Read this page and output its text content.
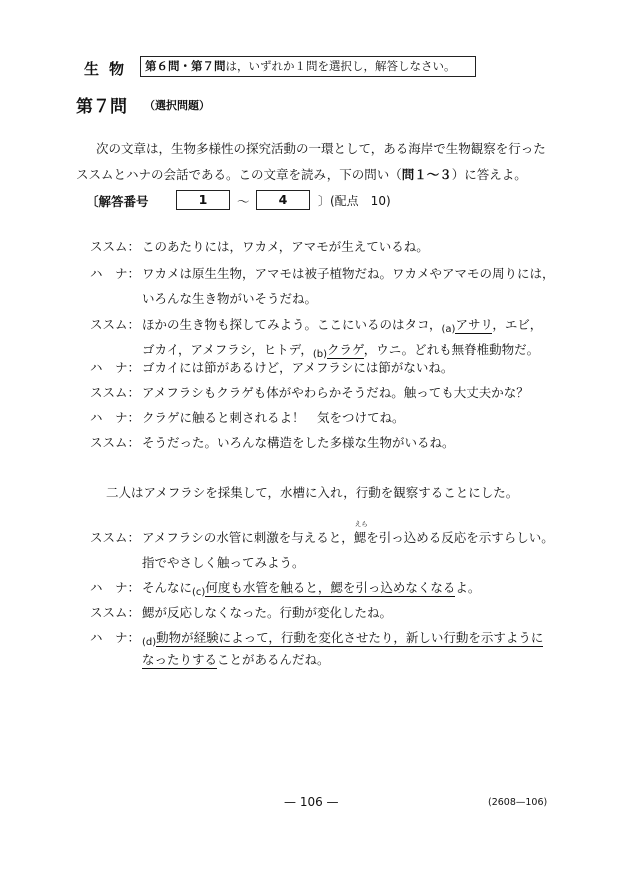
生 物	第６問・第７問は，いずれか１問を選択し，解答しなさい。
第７問 （選択問題）
次の文章は，生物多様性の探究活動の一環として，ある海岸で生物観察を行った
ススムとハナの会話である。この文章を読み，下の問い（問１～３）に答えよ。
〔解答番号	1	～	4	〕(配点　10)
ススム： このあたりには，ワカメ，アマモが生えているね。
ハ　ナ： ワカメは原生生物，アマモは被子植物だね。ワカメやアマモの周りには，
いろんな生き物がいそうだね。
ススム： ほかの生き物も探してみよう。ここにいるのはタコ，$_{(a)}$アサリ，エビ，
ゴカイ，アメフラシ，ヒトデ，$_{(b)}$クラゲ，ウニ。どれも無脊椎動物だ。
ハ　ナ： ゴカイには節があるけど，アメフラシには節がないね。
ススム： アメフラシもクラゲも体がやわらかそうだね。触っても大丈夫かな？
ハ　ナ： クラゲに触ると刺されるよ！　気をつけてね。
ススム： そうだった。いろんな構造をした多様な生物がいるね。
二人はアメフラシを採集して，水槽に入れ，行動を観察することにした。
ススム： アメフラシの水管に刺激を与えると，
えら
鰓を引っ込める反応を示すらしい。
指でやさしく触ってみよう。
ハ　ナ： そんなに$_{(c)}$何度も水管を触ると，鰓を引っ込めなくなるよ。
ススム： 鰓が反応しなくなった。行動が変化したね。
ハ　ナ： $_{(d)}$動物が経験によって，行動を変化させたり，新しい行動を示すように
なったりすることがあるんだね。
— 106 —	(2608—106)
